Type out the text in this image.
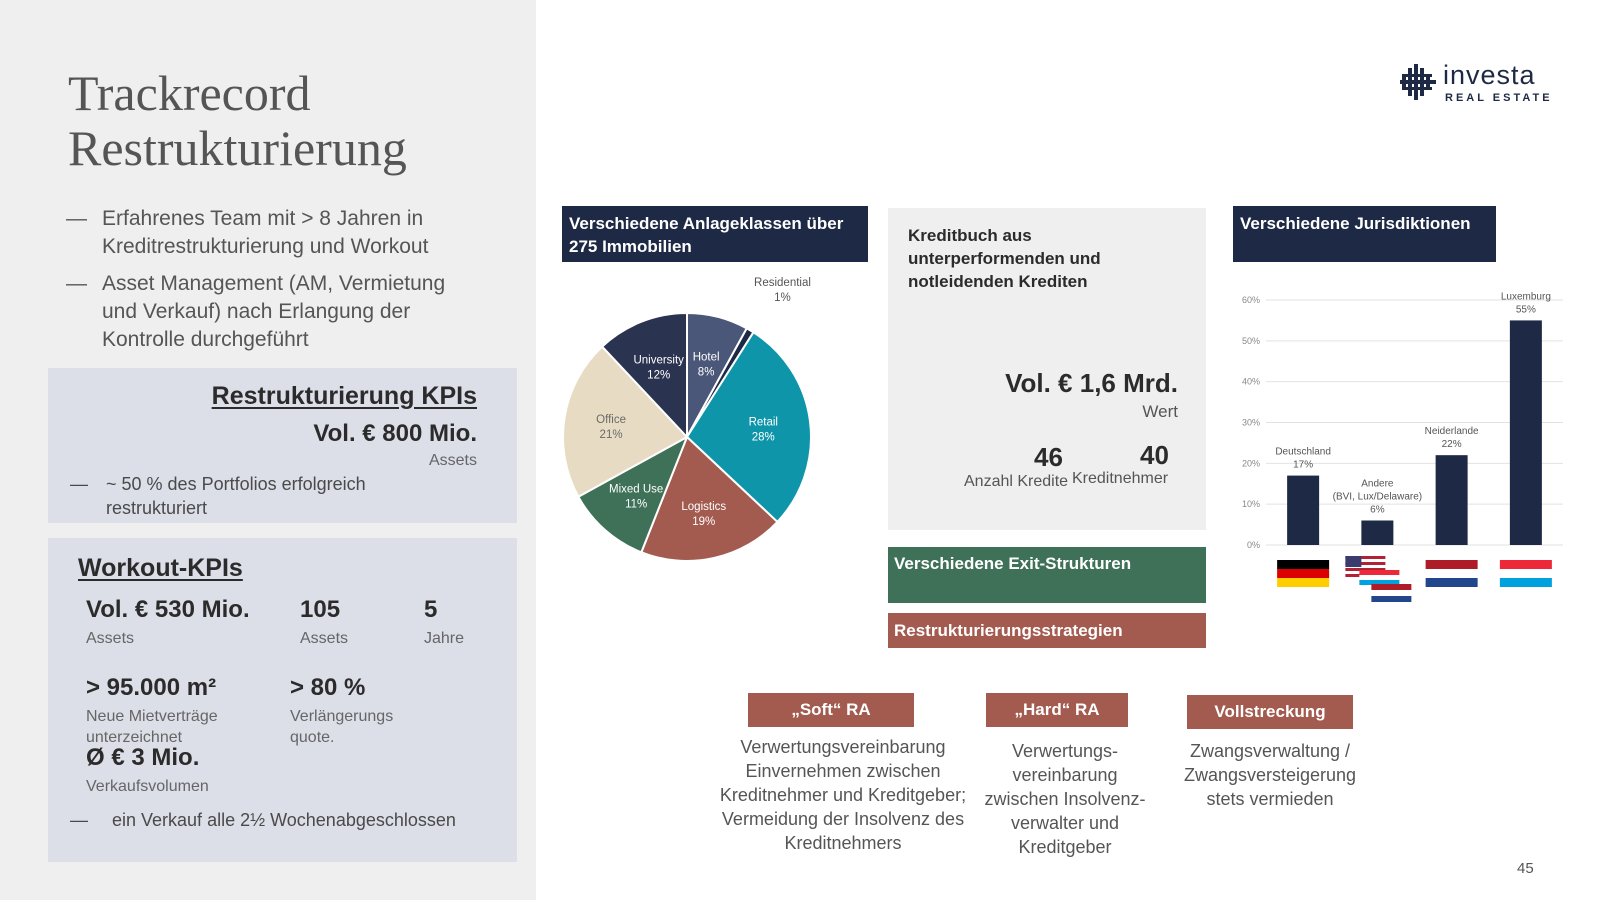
Trackrecord
Restrukturierung
— Erfahrenes Team mit > 8 Jahren in Kreditrestrukturierung und Workout
— Asset Management (AM, Vermietung und Verkauf) nach Erlangung der Kontrolle durchgeführt
Restrukturierung KPIs
Vol. € 800 Mio.
Assets
— ~ 50 % des Portfolios erfolgreich restrukturiert
Workout-KPIs
Vol. € 530 Mio.
Assets
105
Assets
5
Jahre
> 95.000 m²
Neue Mietverträge unterzeichnet
> 80 %
Verlängerungs quote.
Ø € 3 Mio.
Verkaufsvolumen
— ein Verkauf alle 2½ Wochenabgeschlossen
investa
REAL ESTATE
Verschiedene Anlageklassen über 275 Immobilien
Hotel
8%
Residential
1%
Retail
28%
Logistics
19%
Mixed Use
11%
Office
21%
University
12%
Kreditbuch aus unterperformenden und notleidenden Krediten
Vol. € 1,6 Mrd.
Wert
46	40
Anzahl Kredite Kreditnehmer
Verschiedene Exit-Strukturen
Restrukturierungsstrategien
Verschiedene Jurisdiktionen
0%
10%
20%
30%
40%
50%
60%
Deutschland
17%
Andere
(BVI, Lux/Delaware)
6%
Neiderlande
22%
Luxemburg
55%
„Soft“ RA	„Hard“ RA	Vollstreckung
Verwertungsvereinbarung Einvernehmen zwischen Kreditnehmer und Kreditgeber; Vermeidung der Insolvenz des Kreditnehmers
Verwertungs-vereinbarung zwischen Insolvenz-verwalter und Kreditgeber
Zwangsverwaltung / Zwangsversteigerung stets vermieden
45
